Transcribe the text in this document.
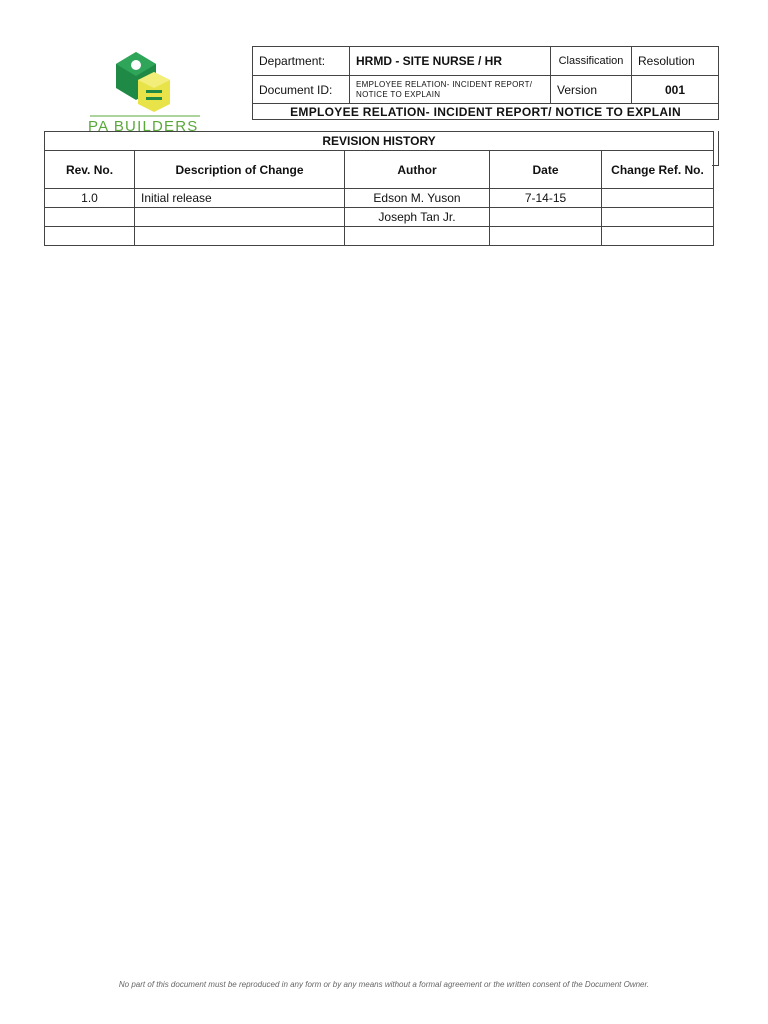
PA BUILDERS
Department:	HRMD - SITE NURSE / HR	Classification	Resolution
Document ID:	EMPLOYEE RELATION- INCIDENT REPORT/ NOTICE TO EXPLAIN	Version	001
EMPLOYEE RELATION- INCIDENT REPORT/ NOTICE TO EXPLAIN			
REVISION HISTORY				
Rev. No.	Description of Change	Author	Date	Change Ref. No.
1.0	Initial release	Edson M. Yuson	7-14-15	
		Joseph Tan Jr.		

No part of this document must be reproduced in any form or by any means without a formal agreement or the written consent of the Document Owner.
